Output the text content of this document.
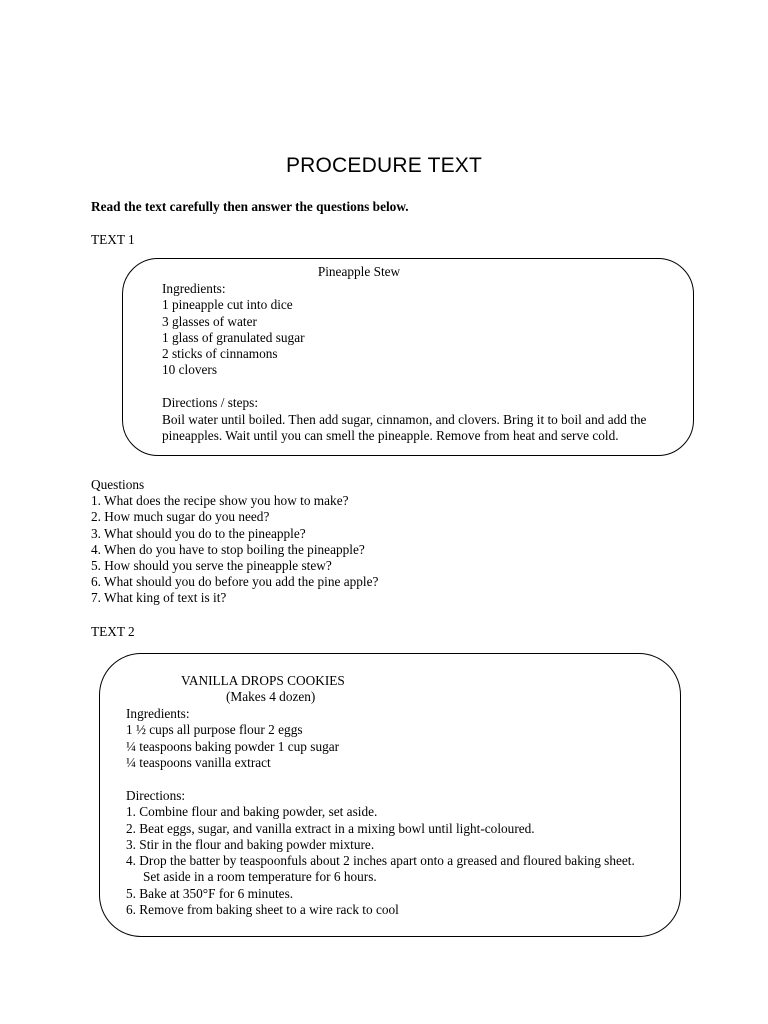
PROCEDURE TEXT
Read the text carefully then answer the questions below.
TEXT 1
Pineapple Stew
Ingredients:
1 pineapple cut into dice
3 glasses of water
1 glass of granulated sugar
2 sticks of cinnamons
10 clovers
Directions / steps:
Boil water until boiled. Then add sugar, cinnamon, and clovers. Bring it to boil and add the
pineapples. Wait until you can smell the pineapple. Remove from heat and serve cold.
Questions
1. What does the recipe show you how to make?
2. How much sugar do you need?
3. What should you do to the pineapple?
4. When do you have to stop boiling the pineapple?
5. How should you serve the pineapple stew?
6. What should you do before you add the pine apple?
7. What king of text is it?
TEXT 2
VANILLA DROPS COOKIES
(Makes 4 dozen)
Ingredients:
1 ½ cups all purpose flour 2 eggs
¼ teaspoons baking powder 1 cup sugar
¼ teaspoons vanilla extract
Directions:
1. Combine flour and baking powder, set aside.
2. Beat eggs, sugar, and vanilla extract in a mixing bowl until light-coloured.
3. Stir in the flour and baking powder mixture.
4. Drop the batter by teaspoonfuls about 2 inches apart onto a greased and floured baking sheet.
Set aside in a room temperature for 6 hours.
5. Bake at 350°F for 6 minutes.
6. Remove from baking sheet to a wire rack to cool
